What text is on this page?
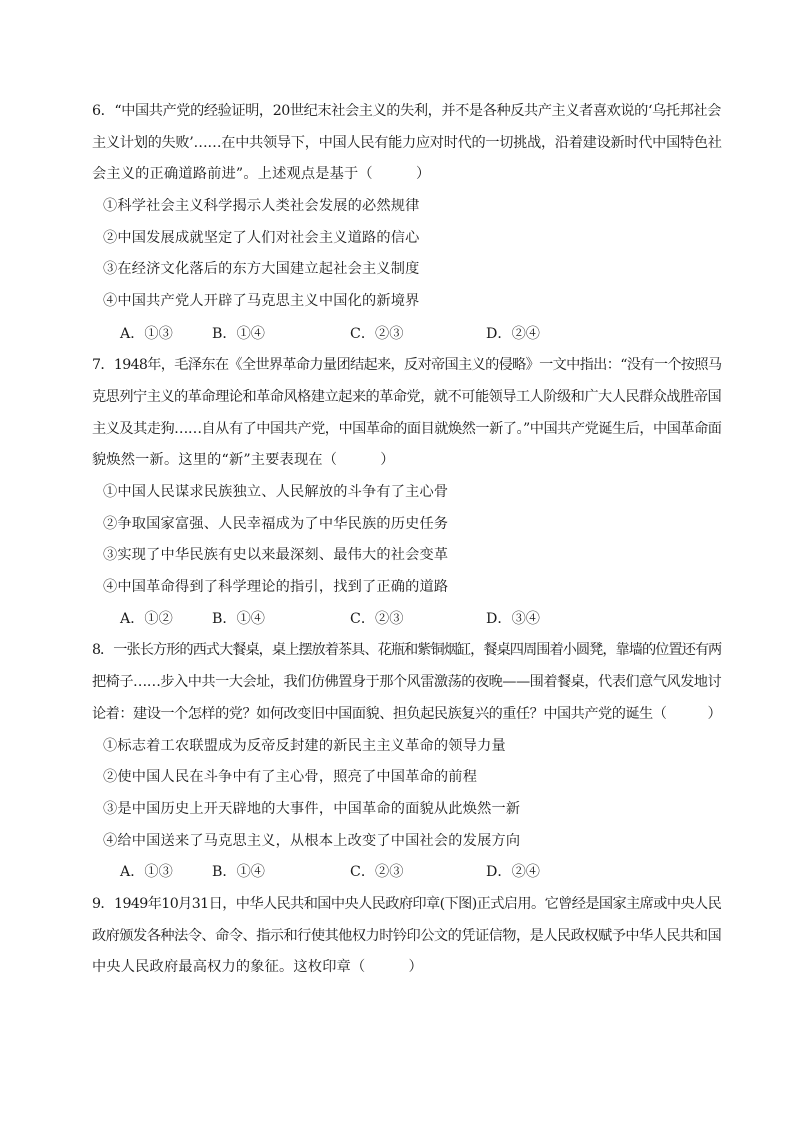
6．“中国共产党的经验证明，20世纪末社会主义的失利，并不是各种反共产主义者喜欢说的‘乌托邦社会
主义计划的失败’……在中共领导下，中国人民有能力应对时代的一切挑战，沿着建设新时代中国特色社
会主义的正确道路前进”。上述观点是基于（　　　）
①科学社会主义科学揭示人类社会发展的必然规律
②中国发展成就坚定了人们对社会主义道路的信心
③在经济文化落后的东方大国建立起社会主义制度
④中国共产党人开辟了马克思主义中国化的新境界
A．①③	B．①④	C．②③	D．②④
7．1948年，毛泽东在《全世界革命力量团结起来，反对帝国主义的侵略》一文中指出：“没有一个按照马
克思列宁主义的革命理论和革命风格建立起来的革命党，就不可能领导工人阶级和广大人民群众战胜帝国
主义及其走狗……自从有了中国共产党，中国革命的面目就焕然一新了。”中国共产党诞生后，中国革命面
貌焕然一新。这里的“新”主要表现在（　　　）
①中国人民谋求民族独立、人民解放的斗争有了主心骨
②争取国家富强、人民幸福成为了中华民族的历史任务
③实现了中华民族有史以来最深刻、最伟大的社会变革
④中国革命得到了科学理论的指引，找到了正确的道路
A．①②	B．①④	C．②③	D．③④
8．一张长方形的西式大餐桌，桌上摆放着茶具、花瓶和紫铜烟缸，餐桌四周围着小圆凳，靠墙的位置还有两
把椅子……步入中共一大会址，我们仿佛置身于那个风雷激荡的夜晚——围着餐桌，代表们意气风发地讨
论着：建设一个怎样的党？如何改变旧中国面貌、担负起民族复兴的重任？中国共产党的诞生（　　　）
①标志着工农联盟成为反帝反封建的新民主主义革命的领导力量
②使中国人民在斗争中有了主心骨，照亮了中国革命的前程
③是中国历史上开天辟地的大事件，中国革命的面貌从此焕然一新
④给中国送来了马克思主义，从根本上改变了中国社会的发展方向
A．①③	B．①④	C．②③	D．②④
9．1949年10月31日，中华人民共和国中央人民政府印章(下图)正式启用。它曾经是国家主席或中央人民
政府颁发各种法令、命令、指示和行使其他权力时钤印公文的凭证信物，是人民政权赋予中华人民共和国
中央人民政府最高权力的象征。这枚印章（　　　）
